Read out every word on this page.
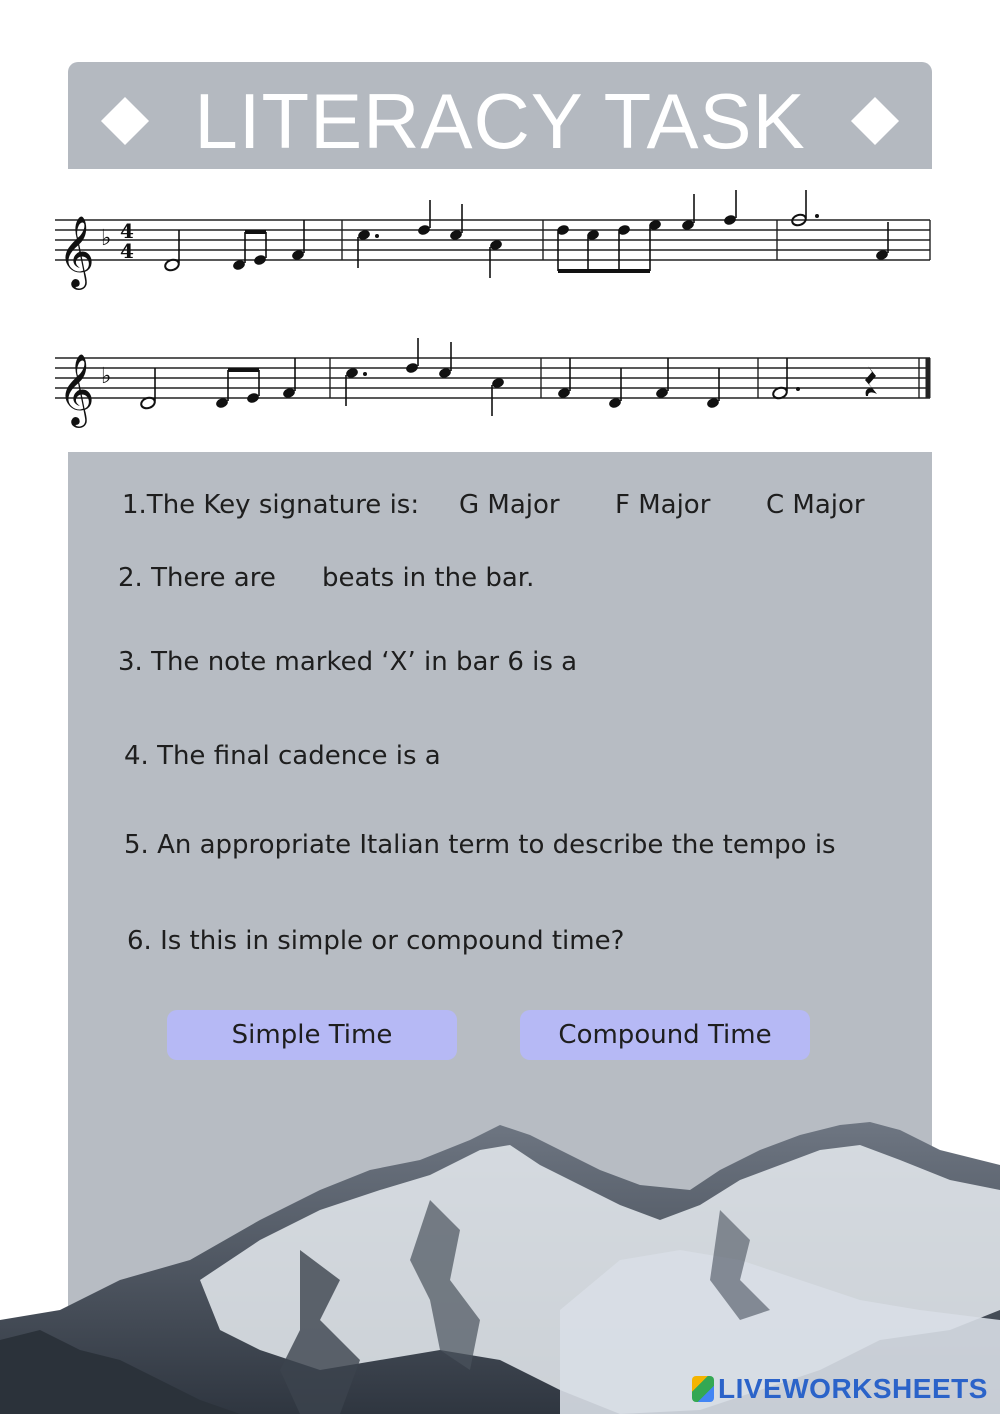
LITERACY TASK
𝄞 ♭ 4
4
𝄞 ♭
1.The Key signature is: G Major F Major C Major
2. There are beats in the bar.
3. The note marked ‘X’ in bar 6 is a
4. The final cadence is a
5. An appropriate Italian term to describe the tempo is
6. Is this in simple or compound time?
Simple Time	Compound Time
LIVEWORKSHEETS
